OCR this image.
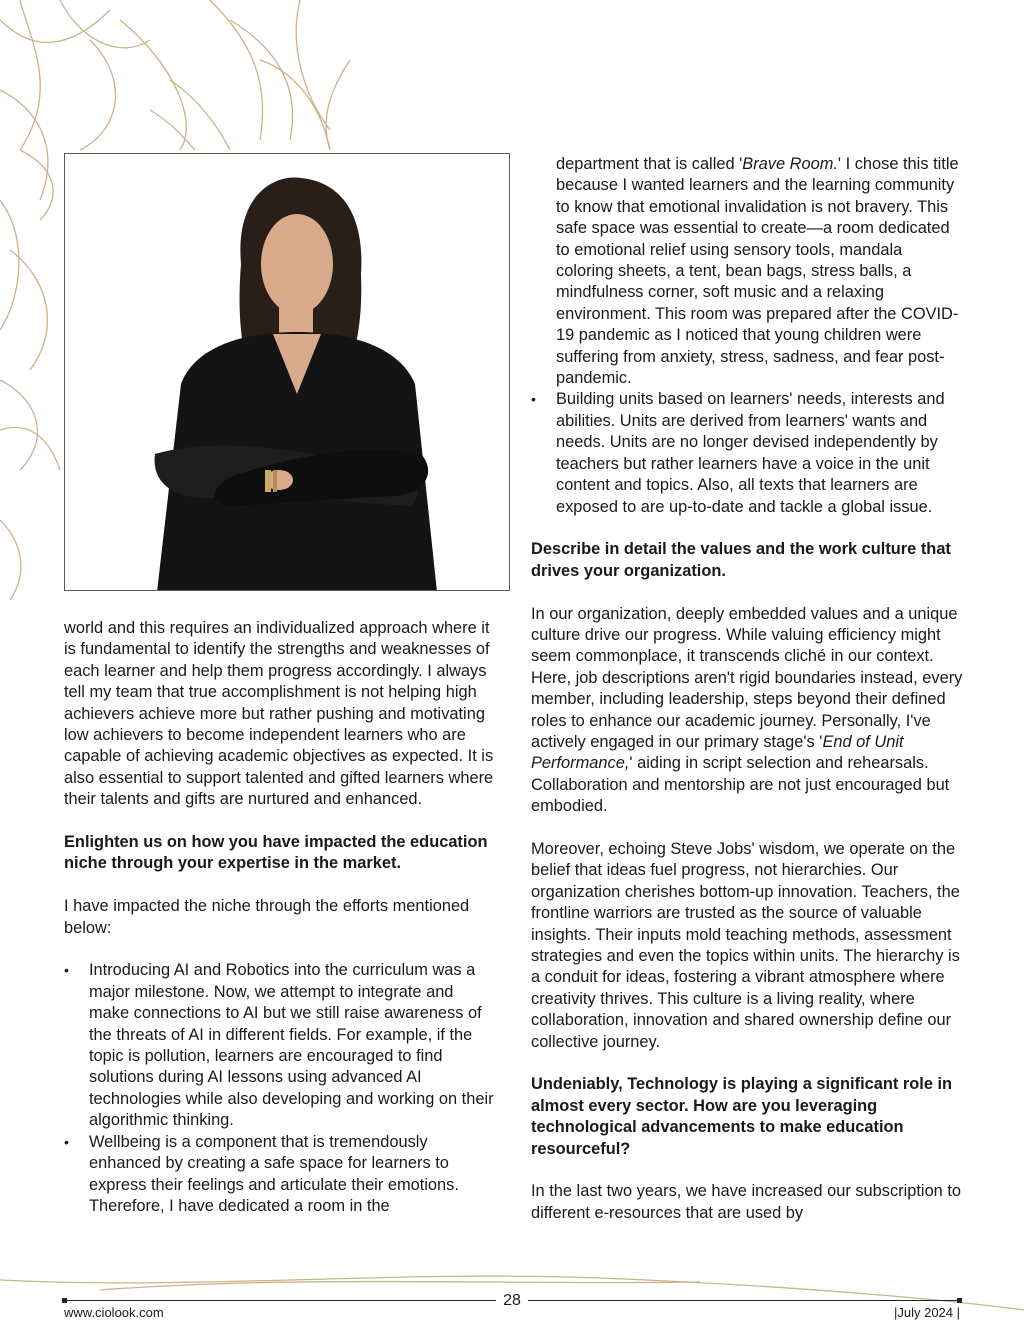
department that is called 'Brave Room.' I chose this title because I wanted learners and the learning community to know that emotional invalidation is not bravery. This safe space was essential to create—a room dedicated to emotional relief using sensory tools, mandala coloring sheets, a tent, bean bags, stress balls, a mindfulness corner, soft music and a relaxing environment. This room was prepared after the COVID-19 pandemic as I noticed that young children were suffering from anxiety, stress, sadness, and fear post-pandemic.
• Building units based on learners' needs, interests and abilities. Units are derived from learners' wants and needs. Units are no longer devised independently by teachers but rather learners have a voice in the unit content and topics. Also, all texts that learners are exposed to are up-to-date and tackle a global issue.

Describe in detail the values and the work culture that drives your organization.

In our organization, deeply embedded values and a unique culture drive our progress. While valuing efficiency might seem commonplace, it transcends cliché in our context. Here, job descriptions aren't rigid boundaries instead, every member, including leadership, steps beyond their defined roles to enhance our academic journey. Personally, I've actively engaged in our primary stage's 'End of Unit Performance,' aiding in script selection and rehearsals. Collaboration and mentorship are not just encouraged but embodied.

Moreover, echoing Steve Jobs' wisdom, we operate on the belief that ideas fuel progress, not hierarchies. Our organization cherishes bottom-up innovation. Teachers, the frontline warriors are trusted as the source of valuable insights. Their inputs mold teaching methods, assessment strategies and even the topics within units. The hierarchy is a conduit for ideas, fostering a vibrant atmosphere where creativity thrives. This culture is a living reality, where collaboration, innovation and shared ownership define our collective journey.

Undeniably, Technology is playing a significant role in almost every sector. How are you leveraging technological advancements to make education resourceful?

In the last two years, we have increased our subscription to different e-resources that are used by

world and this requires an individualized approach where it is fundamental to identify the strengths and weaknesses of each learner and help them progress accordingly. I always tell my team that true accomplishment is not helping high achievers achieve more but rather pushing and motivating low achievers to become independent learners who are capable of achieving academic objectives as expected. It is also essential to support talented and gifted learners where their talents and gifts are nurtured and enhanced.

Enlighten us on how you have impacted the education niche through your expertise in the market.

I have impacted the niche through the efforts mentioned below:

• Introducing AI and Robotics into the curriculum was a major milestone. Now, we attempt to integrate and make connections to AI but we still raise awareness of the threats of AI in different fields. For example, if the topic is pollution, learners are encouraged to find solutions during AI lessons using advanced AI technologies while also developing and working on their algorithmic thinking.
• Wellbeing is a component that is tremendously enhanced by creating a safe space for learners to express their feelings and articulate their emotions. Therefore, I have dedicated a room in the
28
www.ciolook.com	|July 2024 |
